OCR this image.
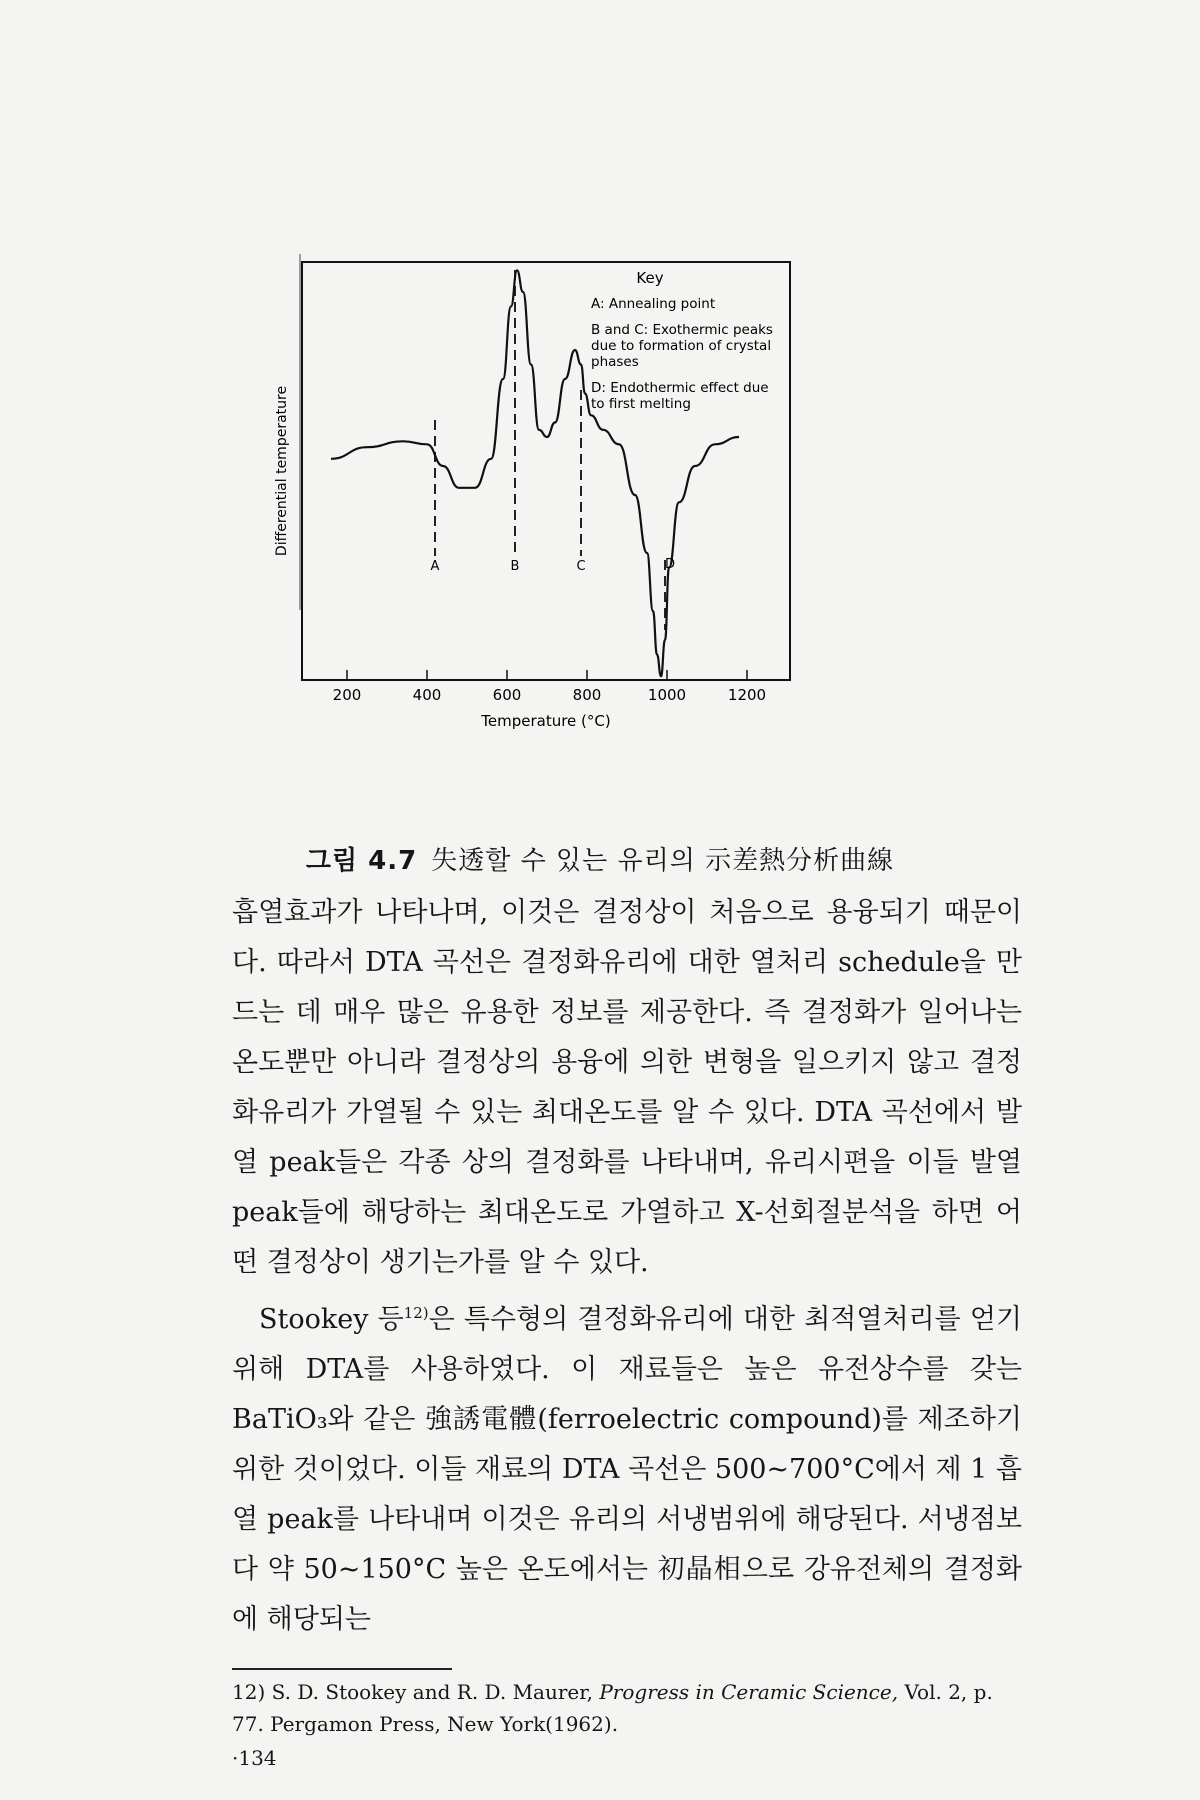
A	B	C	D
200	400	600	800	1000	1200
Differential temperature
Temperature (°C)
Key
A: Annealing point
B and C: Exothermic peaks
due to formation of crystal
phases
D: Endothermic effect due
to first melting
그림 4.7 失透할 수 있는 유리의 示差熱分析曲線

흡열효과가 나타나며, 이것은 결정상이 처음으로 용융되기 때문이다. 따라서 DTA 곡선은 결정화유리에 대한 열처리 schedule을 만드는 데 매우 많은 유용한 정보를 제공한다. 즉 결정화가 일어나는 온도뿐만 아니라 결정상의 용융에 의한 변형을 일으키지 않고 결정화유리가 가열될 수 있는 최대온도를 알 수 있다. DTA 곡선에서 발열 peak들은 각종 상의 결정화를 나타내며, 유리시편을 이들 발열 peak들에 해당하는 최대온도로 가열하고 X-선회절분석을 하면 어떤 결정상이 생기는가를 알 수 있다.

Stookey 등$^{12)}$은 특수형의 결정화유리에 대한 최적열처리를 얻기 위해 DTA를 사용하였다. 이 재료들은 높은 유전상수를 갖는 BaTiO₃와 같은 強誘電體(ferroelectric compound)를 제조하기 위한 것이었다. 이들 재료의 DTA 곡선은 500~700°C에서 제 1 흡열 peak를 나타내며 이것은 유리의 서냉범위에 해당된다. 서냉점보다 약 50~150°C 높은 온도에서는 初晶相으로 강유전체의 결정화에 해당되는

12) S. D. Stookey and R. D. Maurer, Progress in Ceramic Science, Vol. 2, p. 77. Pergamon Press, New York(1962).
·134
